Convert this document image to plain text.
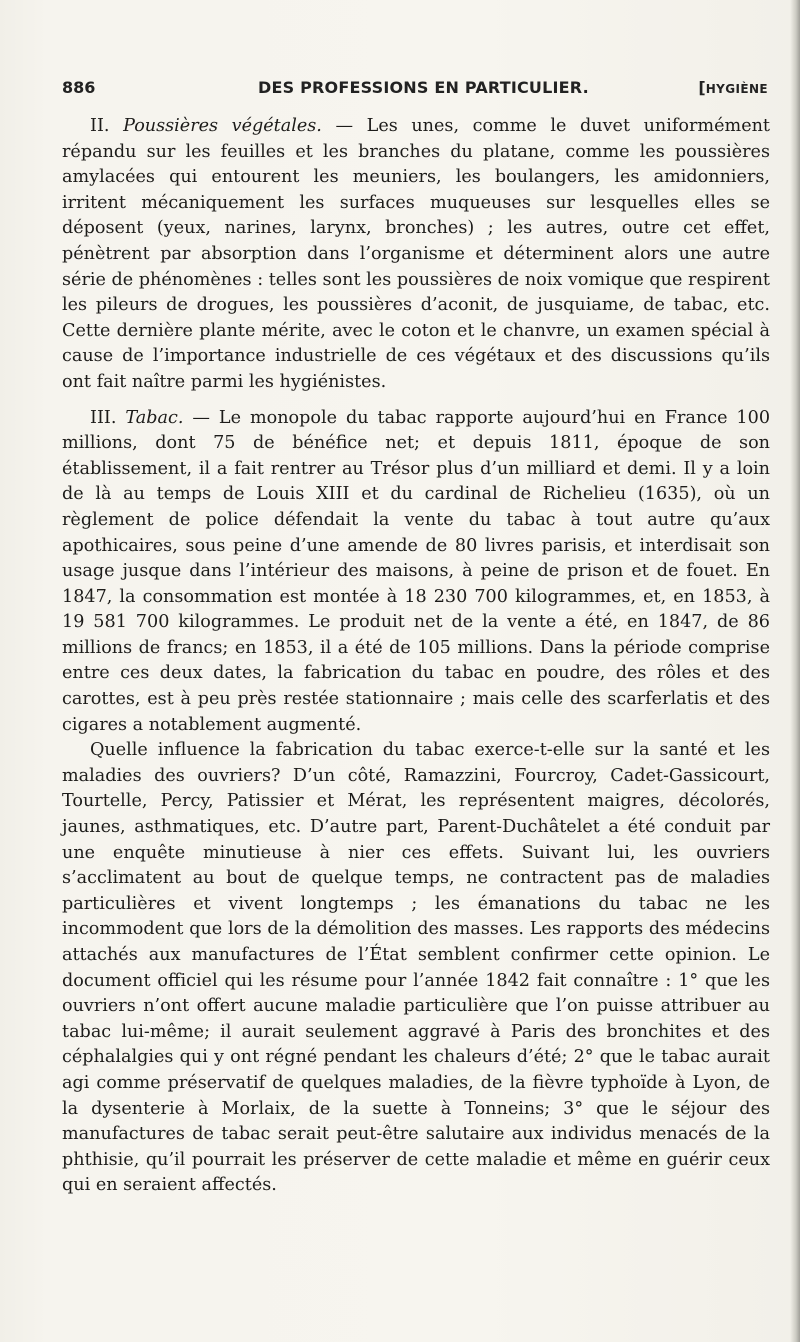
886	DES PROFESSIONS EN PARTICULIER.	[HYGIÈNE

II. Poussières végétales. — Les unes, comme le duvet uniformément répandu sur les feuilles et les branches du platane, comme les poussières amylacées qui entourent les meuniers, les boulangers, les amidonniers, irritent mécaniquement les surfaces muqueuses sur lesquelles elles se déposent (yeux, narines, larynx, bronches) ; les autres, outre cet effet, pénètrent par absorption dans l’organisme et déterminent alors une autre série de phénomènes : telles sont les poussières de noix vomique que respirent les pileurs de drogues, les poussières d’aconit, de jusquiame, de tabac, etc. Cette dernière plante mérite, avec le coton et le chanvre, un examen spécial à cause de l’importance industrielle de ces végétaux et des discussions qu’ils ont fait naître parmi les hygiénistes.

III. Tabac. — Le monopole du tabac rapporte aujourd’hui en France 100 millions, dont 75 de bénéfice net; et depuis 1811, époque de son établissement, il a fait rentrer au Trésor plus d’un milliard et demi. Il y a loin de là au temps de Louis XIII et du cardinal de Richelieu (1635), où un règlement de police défendait la vente du tabac à tout autre qu’aux apothicaires, sous peine d’une amende de 80 livres parisis, et interdisait son usage jusque dans l’intérieur des maisons, à peine de prison et de fouet. En 1847, la consommation est montée à 18 230 700 kilogrammes, et, en 1853, à 19 581 700 kilogrammes. Le produit net de la vente a été, en 1847, de 86 millions de francs; en 1853, il a été de 105 millions. Dans la période comprise entre ces deux dates, la fabrication du tabac en poudre, des rôles et des carottes, est à peu près restée stationnaire ; mais celle des scarferlatis et des cigares a notablement augmenté.

Quelle influence la fabrication du tabac exerce-t-elle sur la santé et les maladies des ouvriers? D’un côté, Ramazzini, Fourcroy, Cadet-Gassicourt, Tourtelle, Percy, Patissier et Mérat, les représentent maigres, décolorés, jaunes, asthmatiques, etc. D’autre part, Parent-Duchâtelet a été conduit par une enquête minutieuse à nier ces effets. Suivant lui, les ouvriers s’acclimatent au bout de quelque temps, ne contractent pas de maladies particulières et vivent longtemps ; les émanations du tabac ne les incommodent que lors de la démolition des masses. Les rapports des médecins attachés aux manufactures de l’État semblent confirmer cette opinion. Le document officiel qui les résume pour l’année 1842 fait connaître : 1° que les ouvriers n’ont offert aucune maladie particulière que l’on puisse attribuer au tabac lui-même; il aurait seulement aggravé à Paris des bronchites et des céphalalgies qui y ont régné pendant les chaleurs d’été; 2° que le tabac aurait agi comme préservatif de quelques maladies, de la fièvre typhoïde à Lyon, de la dysenterie à Morlaix, de la suette à Tonneins; 3° que le séjour des manufactures de tabac serait peut-être salutaire aux individus menacés de la phthisie, qu’il pourrait les préserver de cette maladie et même en guérir ceux qui en seraient affectés.
